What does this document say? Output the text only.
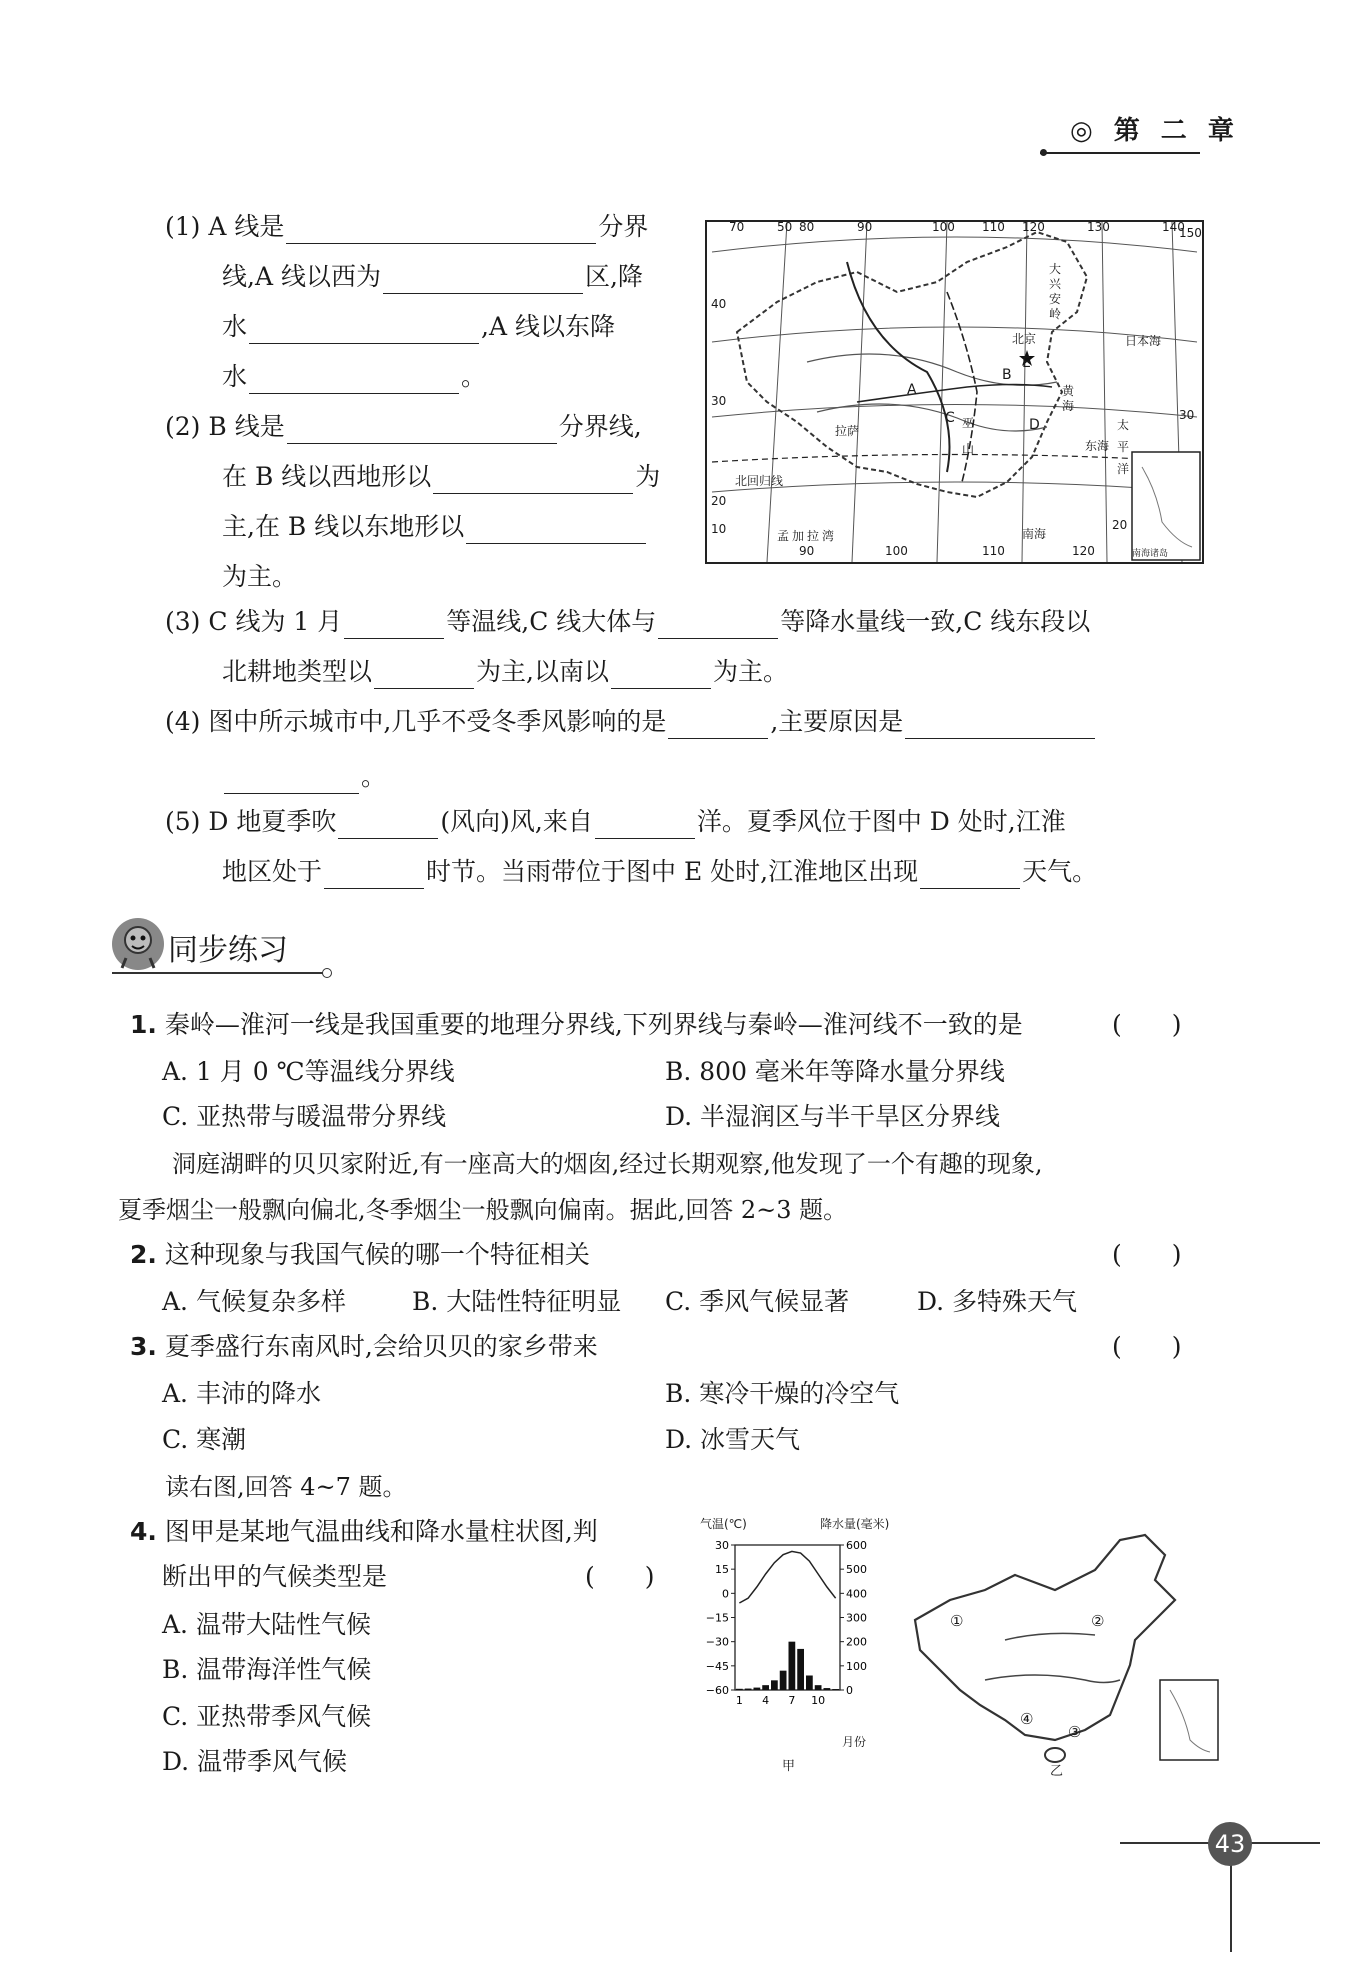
◎ 第 二 章
(1) A 线是	分界
线,A 线以西为	区,降
水	,A 线以东降
水	。
(2) B 线是	分界线,
在 B 线以西地形以	为
主,在 B 线以东地形以
为主。
(3) C 线为 1 月	等温线,C 线大体与	等降水量线一致,C 线东段以
北耕地类型以	为主,以南以	为主。
(4) 图中所示城市中,几乎不受冬季风影响的是	,主要原因是
。
(5) D 地夏季吹	(风向)风,来自	洋。夏季风位于图中 D 处时,江淮
地区处于	时节。当雨带位于图中 E 处时,江淮地区出现	天气。
70	50 80	90	100 110 120	130	140
150
90	100	110	120
40
30
20
10
30
20
大兴安岭
北京	日本海
黄海
东海
太平洋
拉萨
孟加拉湾	南海
北回归线
巫山
南海诸岛
A
B
C	D
E
同步练习
1. 秦岭—淮河一线是我国重要的地理分界线,下列界线与秦岭—淮河线不一致的是	(　　)
A. 1 月 0 ℃等温线分界线	B. 800 毫米年等降水量分界线
C. 亚热带与暖温带分界线	D. 半湿润区与半干旱区分界线
洞庭湖畔的贝贝家附近,有一座高大的烟囱,经过长期观察,他发现了一个有趣的现象,
夏季烟尘一般飘向偏北,冬季烟尘一般飘向偏南。据此,回答 2~3 题。
2. 这种现象与我国气候的哪一个特征相关	(　　)
A. 气候复杂多样	B. 大陆性特征明显 C. 季风气候显著	D. 多特殊天气
3. 夏季盛行东南风时,会给贝贝的家乡带来	(　　)
A. 丰沛的降水	B. 寒冷干燥的冷空气
C. 寒潮	D. 冰雪天气
读右图,回答 4~7 题。
4. 图甲是某地气温曲线和降水量柱状图,判
断出甲的气候类型是	(　　)
A. 温带大陆性气候
B. 温带海洋性气候
C. 亚热带季风气候
D. 温带季风气候
气温(℃)	降水量(毫米)
30	600
15	500
0	400
−15	300
−30	200
−45	100
−60	0
1 4 7 10
月份
甲
①	②
③
④
乙
43
